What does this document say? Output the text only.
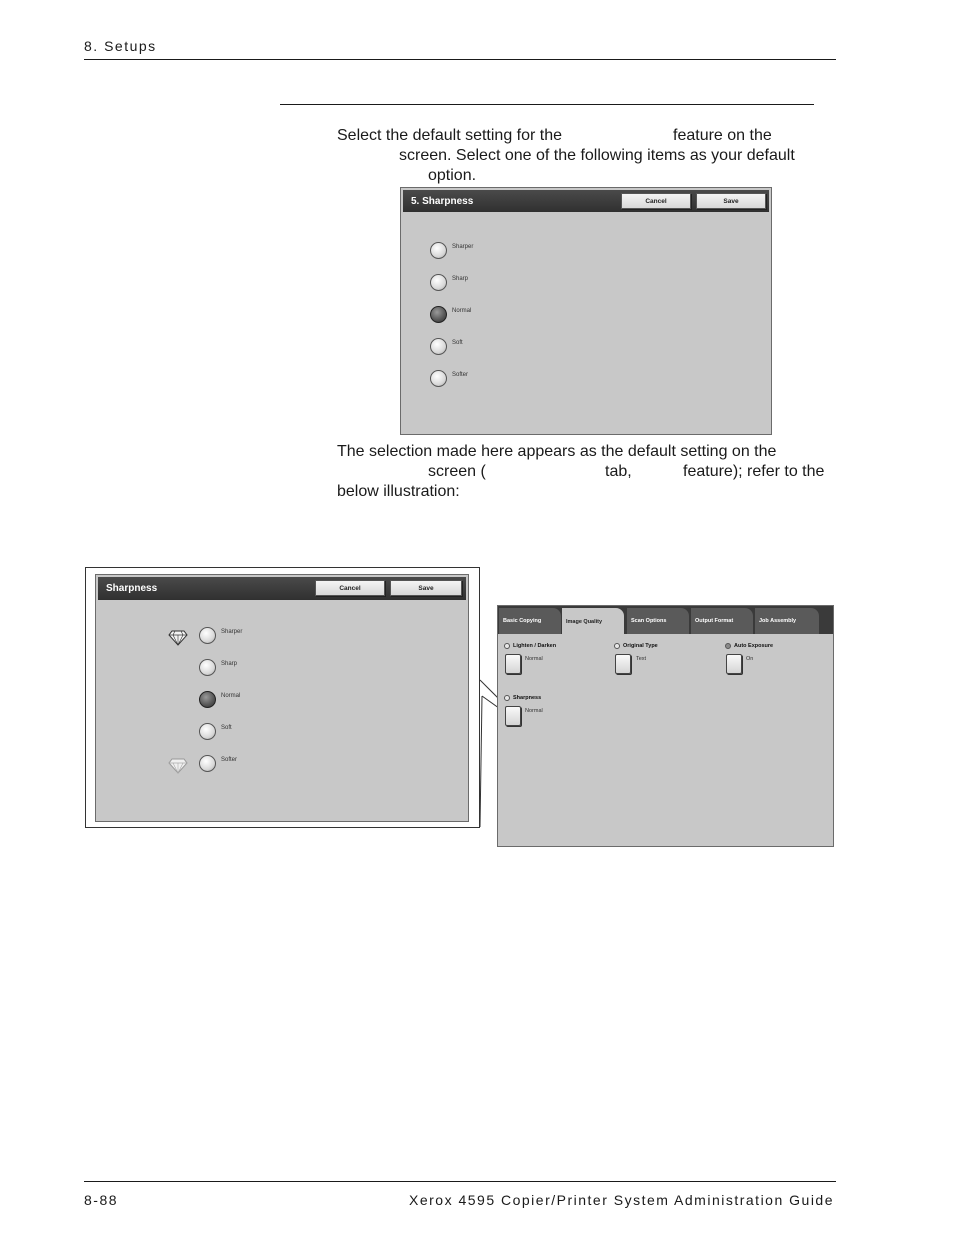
8. Setups
Select the default setting for the	feature on the
screen. Select one of the following items as your default
option.
5. Sharpness	Cancel	Save
Sharper
Sharp
Normal
Soft
Softer
The selection made here appears as the default setting on the
screen (	tab,	feature); refer to the
below illustration:
Sharpness	Cancel	Save
Sharper
Sharp
Normal
Soft
Softer
Basic Copying	Image Quality	Scan Options	Output Format	Job Assembly
Lighten / Darken
Normal
Original Type
Text
Auto Exposure
On
Sharpness
Normal
8-88	Xerox 4595 Copier/Printer System Administration Guide
